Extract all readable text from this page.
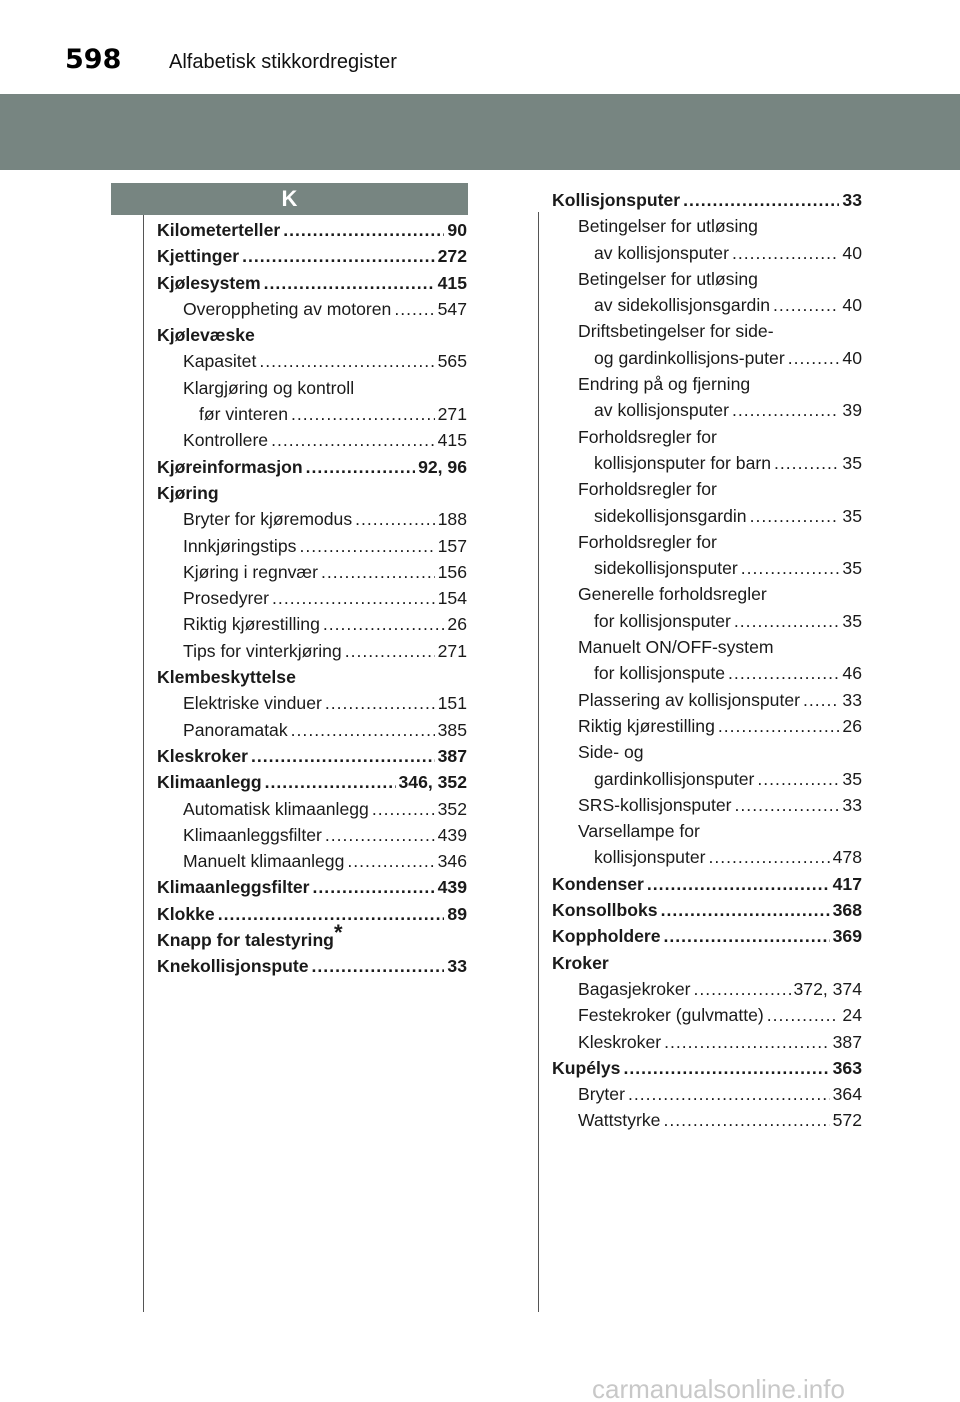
598 Alfabetisk stikkordregister
K
Kilometerteller .....	90
Kjettinger .....	272
Kjølesystem .....	415
Overoppheting av motoren .....	547
Kjølevæske
Kapasitet .....	565
Klargjøring og kontroll
før vinteren .....	271
Kontrollere .....	415
Kjøreinformasjon .....	92, 96
Kjøring
Bryter for kjøremodus .....	188
Innkjøringstips .....	157
Kjøring i regnvær .....	156
Prosedyrer .....	154
Riktig kjørestilling .....	26
Tips for vinterkjøring .....	271
Klembeskyttelse
Elektriske vinduer .....	151
Panoramatak .....	385
Kleskroker .....	387
Klimaanlegg .....	346, 352
Automatisk klimaanlegg .....	352
Klimaanleggsfilter .....	439
Manuelt klimaanlegg .....	346
Klimaanleggsfilter .....	439
Klokke .....	89
Knapp for talestyring*
Knekollisjonspute .....	33
Kollisjonsputer .....	33
Betingelser for utløsing
av kollisjonsputer .....	40
Betingelser for utløsing
av sidekollisjonsgardin .....	40
Driftsbetingelser for side-
og gardinkollisjons-puter .....	40
Endring på og fjerning
av kollisjonsputer .....	39
Forholdsregler for
kollisjonsputer for barn .....	35
Forholdsregler for
sidekollisjonsgardin .....	35
Forholdsregler for
sidekollisjonsputer .....	35
Generelle forholdsregler
for kollisjonsputer .....	35
Manuelt ON/OFF-system
for kollisjonspute .....	46
Plassering av kollisjonsputer ..... 33
Riktig kjørestilling .....	26
Side- og
gardinkollisjonsputer .....	35
SRS-kollisjonsputer .....	33
Varsellampe for
kollisjonsputer .....	478
Kondenser .....	417
Konsollboks .....	368
Koppholdere .....	369
Kroker
Bagasjekroker .....	372, 374
Festekroker (gulvmatte) .....	24
Kleskroker .....	387
Kupélys .....	363
Bryter .....	364
Wattstyrke .....	572
carmanualsonline.info
